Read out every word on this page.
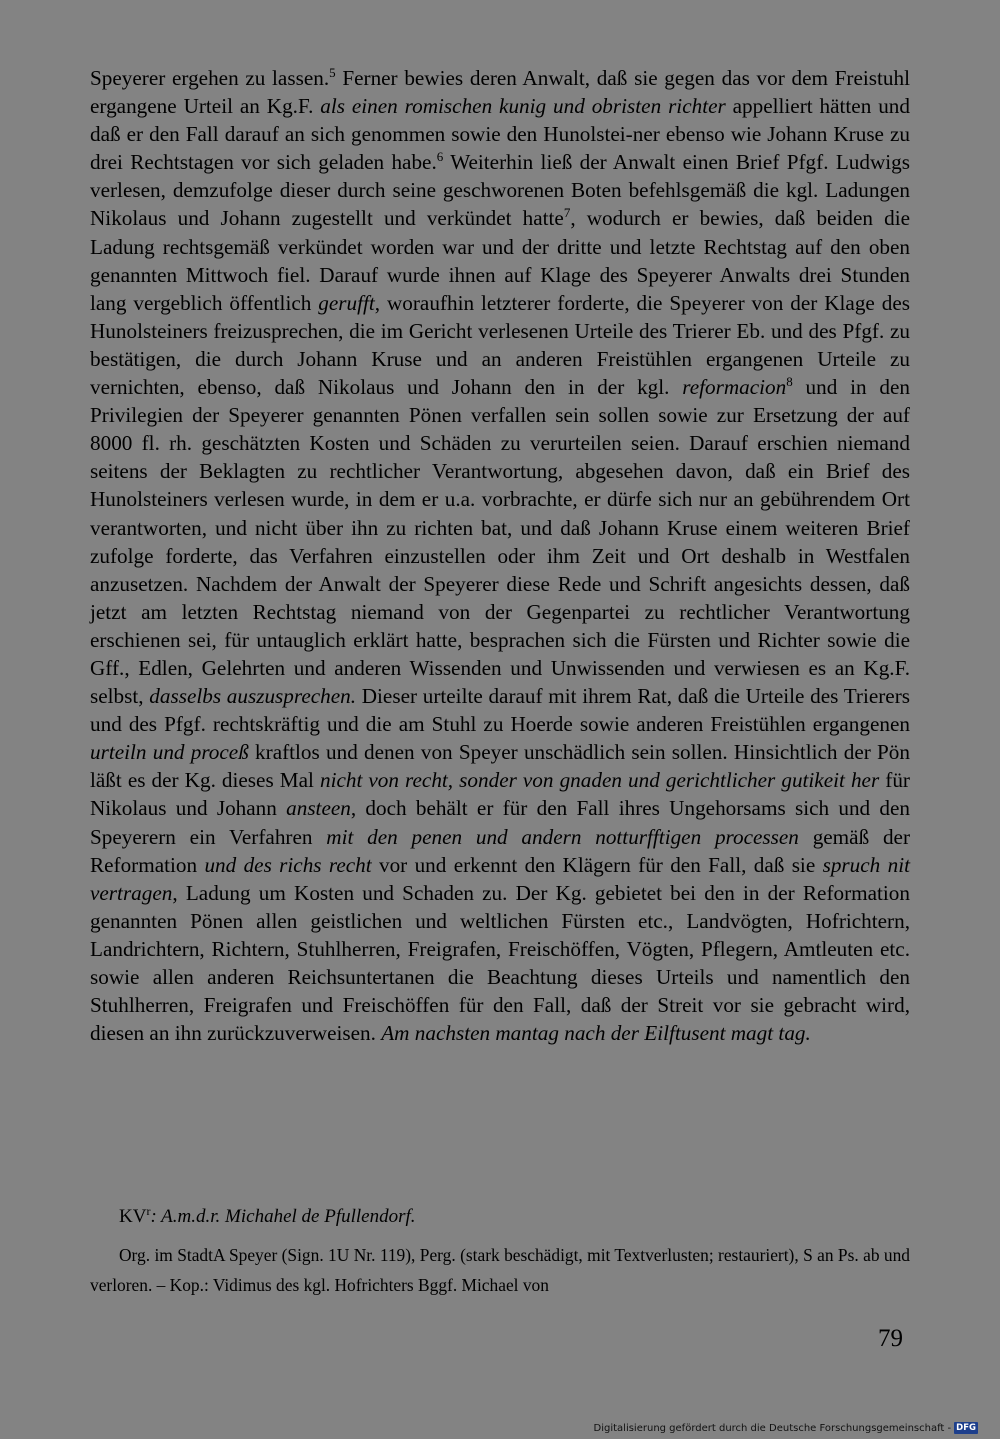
Speyerer ergehen zu lassen.$^5$ Ferner bewies deren Anwalt, daß sie gegen das vor dem Freistuhl ergangene Urteil an Kg.F. als einen romischen kunig und obristen richter appelliert hätten und daß er den Fall darauf an sich genommen sowie den Hunolstei-ner ebenso wie Johann Kruse zu drei Rechtstagen vor sich geladen habe.$^6$ Weiterhin ließ der Anwalt einen Brief Pfgf. Ludwigs verlesen, demzufolge dieser durch seine geschworenen Boten befehlsgemäß die kgl. Ladungen Nikolaus und Johann zugestellt und verkündet hatte$^7$, wodurch er bewies, daß beiden die Ladung rechtsgemäß verkündet worden war und der dritte und letzte Rechtstag auf den oben genannten Mittwoch fiel. Darauf wurde ihnen auf Klage des Speyerer Anwalts drei Stunden lang vergeblich öffentlich gerufft, woraufhin letzterer forderte, die Speyerer von der Klage des Hunolsteiners freizusprechen, die im Gericht verlesenen Urteile des Trierer Eb. und des Pfgf. zu bestätigen, die durch Johann Kruse und an anderen Freistühlen ergangenen Urteile zu vernichten, ebenso, daß Nikolaus und Johann den in der kgl. reformacion$^8$ und in den Privilegien der Speyerer genannten Pönen verfallen sein sollen sowie zur Ersetzung der auf 8000 fl. rh. geschätzten Kosten und Schäden zu verurteilen seien. Darauf erschien niemand seitens der Beklagten zu rechtlicher Verantwortung, abgesehen davon, daß ein Brief des Hunolsteiners verlesen wurde, in dem er u.a. vorbrachte, er dürfe sich nur an gebührendem Ort verantworten, und nicht über ihn zu richten bat, und daß Johann Kruse einem weiteren Brief zufolge forderte, das Verfahren einzustellen oder ihm Zeit und Ort deshalb in Westfalen anzusetzen. Nachdem der Anwalt der Speyerer diese Rede und Schrift angesichts dessen, daß jetzt am letzten Rechtstag niemand von der Gegenpartei zu rechtlicher Verantwortung erschienen sei, für untauglich erklärt hatte, besprachen sich die Fürsten und Richter sowie die Gff., Edlen, Gelehrten und anderen Wissenden und Unwissenden und verwiesen es an Kg.F. selbst, dasselbs auszusprechen. Dieser urteilte darauf mit ihrem Rat, daß die Urteile des Trierers und des Pfgf. rechtskräftig und die am Stuhl zu Hoerde sowie anderen Freistühlen ergangenen urteiln und proceß kraftlos und denen von Speyer unschädlich sein sollen. Hinsichtlich der Pön läßt es der Kg. dieses Mal nicht von recht, sonder von gnaden und gerichtlicher gutikeit her für Nikolaus und Johann ansteen, doch behält er für den Fall ihres Ungehorsams sich und den Speyerern ein Verfahren mit den penen und andern notturfftigen processen gemäß der Reformation und des richs recht vor und erkennt den Klägern für den Fall, daß sie spruch nit vertragen, Ladung um Kosten und Schaden zu. Der Kg. gebietet bei den in der Reformation genannten Pönen allen geistlichen und weltlichen Fürsten etc., Landvögten, Hofrichtern, Landrichtern, Richtern, Stuhlherren, Freigrafen, Freischöffen, Vögten, Pflegern, Amtleuten etc. sowie allen anderen Reichsuntertanen die Beachtung dieses Urteils und namentlich den Stuhlherren, Freigrafen und Freischöffen für den Fall, daß der Streit vor sie gebracht wird, diesen an ihn zurückzuverweisen. Am nachsten mantag nach der Eilftusent magt tag.

$KV^r$: A.m.d.r. Michahel de Pfullendorf.

Org. im StadtA Speyer (Sign. 1U Nr. 119), Perg. (stark beschädigt, mit Textverlusten; restauriert), S an Ps. ab und verloren. – Kop.: Vidimus des kgl. Hofrichters Bggf. Michael von

79

Digitalisierung gefördert durch die Deutsche Forschungsgemeinschaft - DFG
